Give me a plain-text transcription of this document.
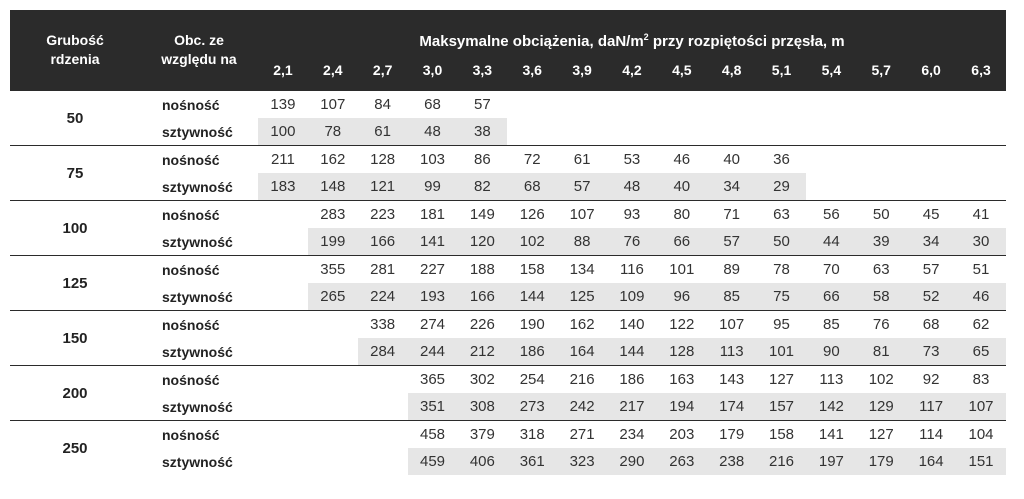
Grubość
rdzenia	Obc. ze
względu na	Maksymalne obciążenia, daN/$m^2$ przy rozpiętości przęsła, m														
		2,1	2,4	2,7	3,0	3,3	3,6	3,9	4,2	4,5	4,8	5,1	5,4	5,7	6,0	6,3
50	nośność	139	107	84	68	57										
	sztywność	100	78	61	48	38										
75	nośność	211	162	128	103	86	72	61	53	46	40	36				
	sztywność	183	148	121	99	82	68	57	48	40	34	29				
100	nośność		283	223	181	149	126	107	93	80	71	63	56	50	45	41
	sztywność		199	166	141	120	102	88	76	66	57	50	44	39	34	30
125	nośność		355	281	227	188	158	134	116	101	89	78	70	63	57	51
	sztywność		265	224	193	166	144	125	109	96	85	75	66	58	52	46
150	nośność			338	274	226	190	162	140	122	107	95	85	76	68	62
	sztywność			284	244	212	186	164	144	128	113	101	90	81	73	65
200	nośność				365	302	254	216	186	163	143	127	113	102	92	83
	sztywność				351	308	273	242	217	194	174	157	142	129	117	107
250	nośność				458	379	318	271	234	203	179	158	141	127	114	104
	sztywność				459	406	361	323	290	263	238	216	197	179	164	151
